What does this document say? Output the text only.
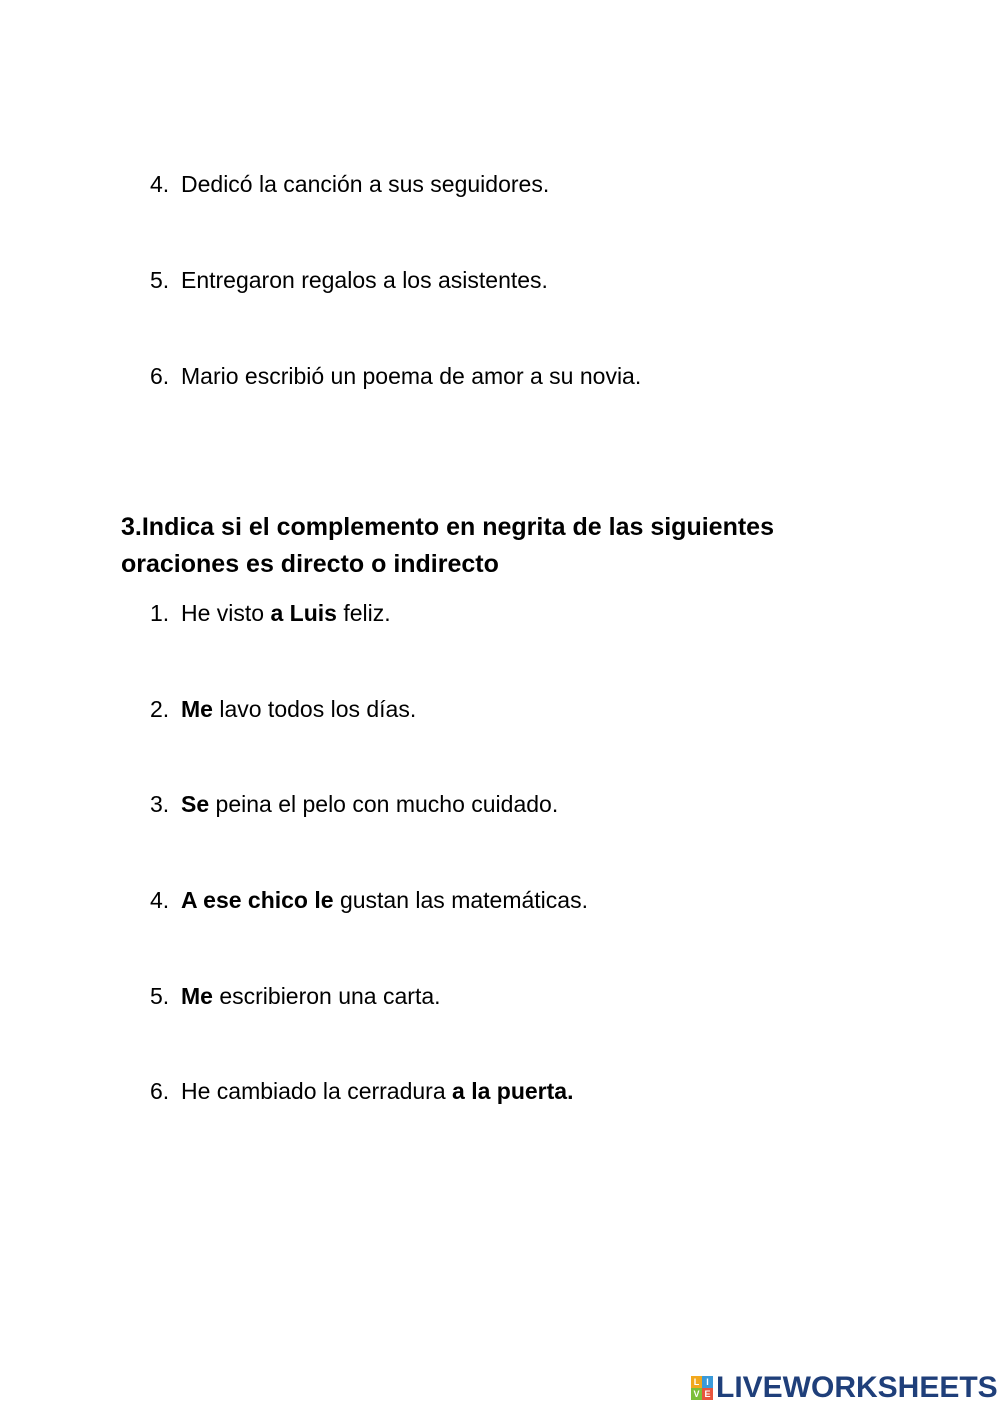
4. Dedicó la canción a sus seguidores.
5. Entregaron regalos a los asistentes.
6. Mario escribió un poema de amor a su novia.
3.Indica si el complemento en negrita de las siguientes
oraciones es directo o indirecto
1. He visto a Luis feliz.
2. Me lavo todos los días.
3. Se peina el pelo con mucho cuidado.
4. A ese chico le gustan las matemáticas.
5. Me escribieron una carta.
6. He cambiado la cerradura a la puerta.
L I
V E LIVEWORKSHEETS
